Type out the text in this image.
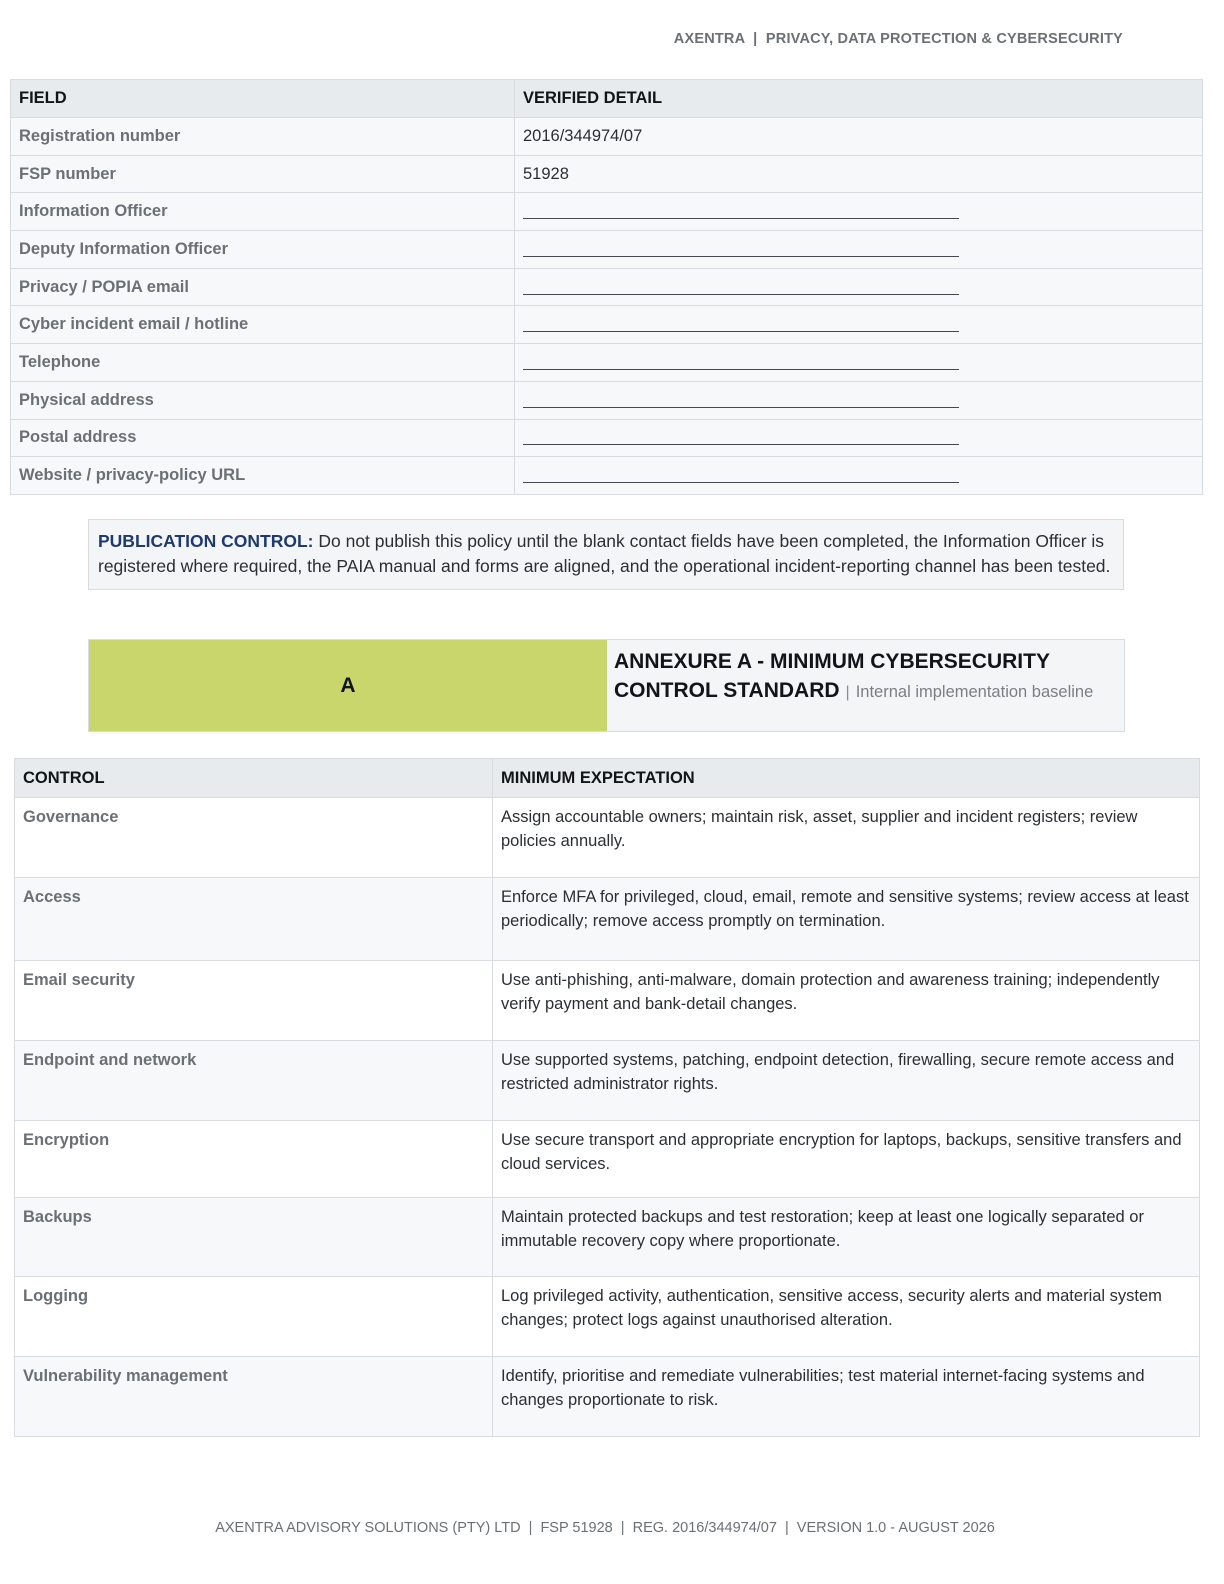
AXENTRA  |  PRIVACY, DATA PROTECTION & CYBERSECURITY
FIELD	VERIFIED DETAIL
Registration number	2016/344974/07
FSP number	51928
Information Officer	
Deputy Information Officer	
Privacy / POPIA email	
Cyber incident email / hotline	
Telephone	
Physical address	
Postal address	
Website / privacy-policy URL	
PUBLICATION CONTROL: Do not publish this policy until the blank contact fields have been completed, the Information Officer is registered where required, the PAIA manual and forms are aligned, and the operational incident-reporting channel has been tested.
A
ANNEXURE A - MINIMUM CYBERSECURITY CONTROL STANDARD | Internal implementation baseline
CONTROL	MINIMUM EXPECTATION
Governance	Assign accountable owners; maintain risk, asset, supplier and incident registers; review policies annually.
Access	Enforce MFA for privileged, cloud, email, remote and sensitive systems; review access at least periodically; remove access promptly on termination.
Email security	Use anti-phishing, anti-malware, domain protection and awareness training; independently verify payment and bank-detail changes.
Endpoint and network	Use supported systems, patching, endpoint detection, firewalling, secure remote access and restricted administrator rights.
Encryption	Use secure transport and appropriate encryption for laptops, backups, sensitive transfers and cloud services.
Backups	Maintain protected backups and test restoration; keep at least one logically separated or immutable recovery copy where proportionate.
Logging	Log privileged activity, authentication, sensitive access, security alerts and material system changes; protect logs against unauthorised alteration.
Vulnerability management	Identify, prioritise and remediate vulnerabilities; test material internet-facing systems and changes proportionate to risk.
AXENTRA ADVISORY SOLUTIONS (PTY) LTD  |  FSP 51928  |  REG. 2016/344974/07  |  VERSION 1.0 - AUGUST 2026
